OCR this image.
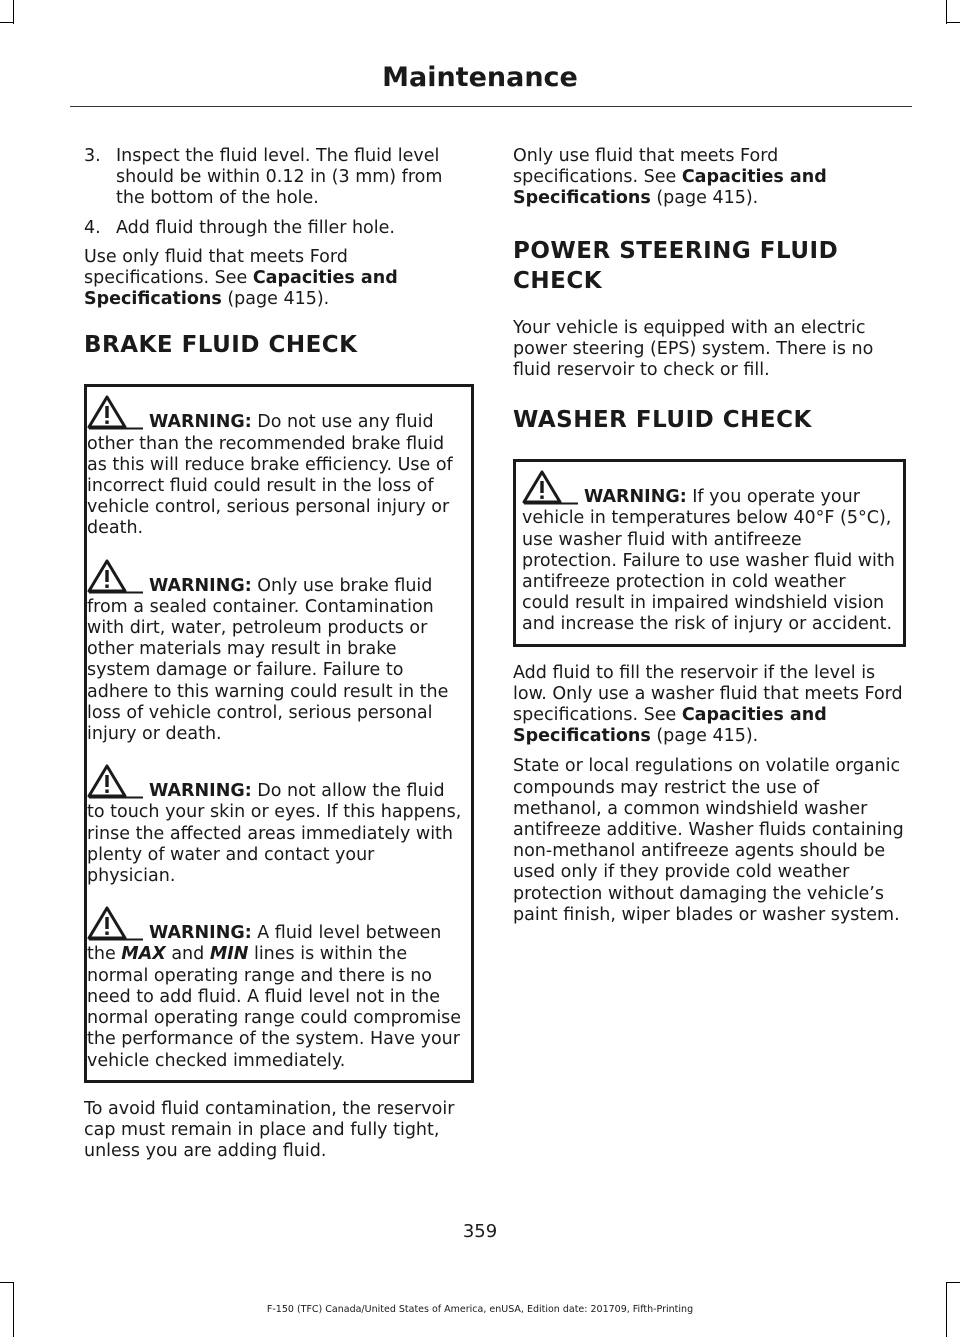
Maintenance
3. Inspect the fluid level. The fluid level should be within 0.12 in (3 mm) from the bottom of the hole.
4. Add fluid through the filler hole.

Use only fluid that meets Ford specifications. See Capacities and Specifications (page 415).

BRAKE FLUID CHECK
WARNING: Do not use any fluid other than the recommended brake fluid as this will reduce brake efficiency. Use of incorrect fluid could result in the loss of vehicle control, serious personal injury or death.
WARNING: Only use brake fluid from a sealed container. Contamination with dirt, water, petroleum products or other materials may result in brake system damage or failure. Failure to adhere to this warning could result in the loss of vehicle control, serious personal injury or death.
WARNING: Do not allow the fluid to touch your skin or eyes. If this happens, rinse the affected areas immediately with plenty of water and contact your physician.
WARNING: A fluid level between the MAX and MIN lines is within the normal operating range and there is no need to add fluid. A fluid level not in the normal operating range could compromise the performance of the system. Have your vehicle checked immediately.

To avoid fluid contamination, the reservoir cap must remain in place and fully tight, unless you are adding fluid.

Only use fluid that meets Ford specifications. See Capacities and Specifications (page 415).

POWER STEERING FLUID
CHECK

Your vehicle is equipped with an electric power steering (EPS) system. There is no fluid reservoir to check or fill.

WASHER FLUID CHECK
WARNING: If you operate your vehicle in temperatures below 40°F (5°C), use washer fluid with antifreeze protection. Failure to use washer fluid with antifreeze protection in cold weather could result in impaired windshield vision and increase the risk of injury or accident.

Add fluid to fill the reservoir if the level is low. Only use a washer fluid that meets Ford specifications. See Capacities and Specifications (page 415).

State or local regulations on volatile organic compounds may restrict the use of methanol, a common windshield washer antifreeze additive. Washer fluids containing non-methanol antifreeze agents should be used only if they provide cold weather protection without damaging the vehicle’s paint finish, wiper blades or washer system.

359
F-150 (TFC) Canada/United States of America, enUSA, Edition date: 201709, Fifth-Printing
